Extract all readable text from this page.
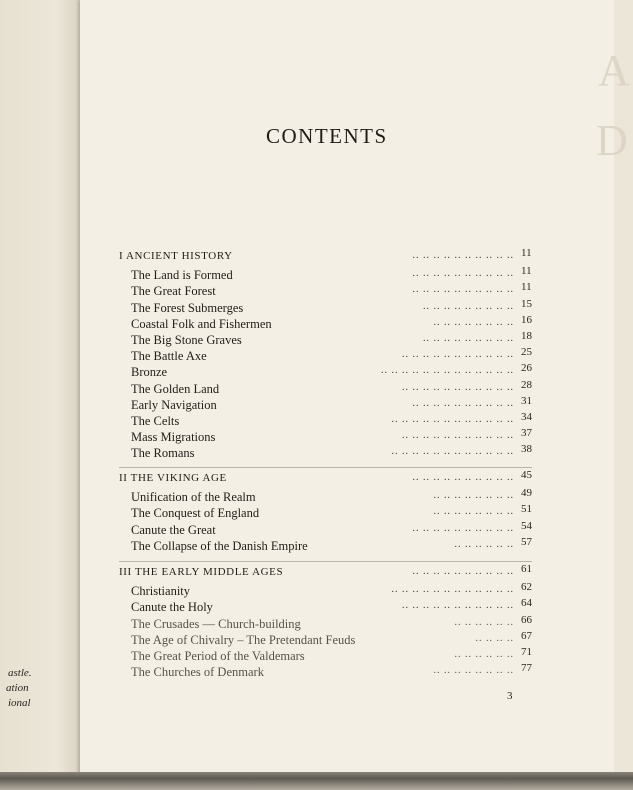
astle.
ation
ional
A
D
CONTENTS
I ANCIENT HISTORY	.. .. .. .. .. .. .. .. .. .. 11
The Land is Formed	.. .. .. .. .. .. .. .. .. .. 11
The Great Forest	.. .. .. .. .. .. .. .. .. .. 11
The Forest Submerges	.. .. .. .. .. .. .. .. .. 15
Coastal Folk and Fishermen	.. .. .. .. .. .. .. .. 16
The Big Stone Graves	.. .. .. .. .. .. .. .. .. 18
The Battle Axe	.. .. .. .. .. .. .. .. .. .. .. 25
Bronze	.. .. .. .. .. .. .. .. .. .. .. .. .. 26
The Golden Land	.. .. .. .. .. .. .. .. .. .. .. 28
Early Navigation	.. .. .. .. .. .. .. .. .. .. 31
The Celts	.. .. .. .. .. .. .. .. .. .. .. .. 34
Mass Migrations	.. .. .. .. .. .. .. .. .. .. .. 37
The Romans	.. .. .. .. .. .. .. .. .. .. .. .. 38
II THE VIKING AGE	.. .. .. .. .. .. .. .. .. .. 45
Unification of the Realm	.. .. .. .. .. .. .. .. 49
The Conquest of England	.. .. .. .. .. .. .. .. 51
Canute the Great	.. .. .. .. .. .. .. .. .. .. 54
The Collapse of the Danish Empire	.. .. .. .. .. .. 57
III THE EARLY MIDDLE AGES	.. .. .. .. .. .. .. .. .. .. 61
Christianity	.. .. .. .. .. .. .. .. .. .. .. .. 62
Canute the Holy	.. .. .. .. .. .. .. .. .. .. .. 64
The Crusades — Church-building	.. .. .. .. .. .. 66
The Age of Chivalry – The Pretendant Feuds	.. .. .. .. 67
The Great Period of the Valdemars	.. .. .. .. .. .. 71
The Churches of Denmark	.. .. .. .. .. .. .. .. 77
3
